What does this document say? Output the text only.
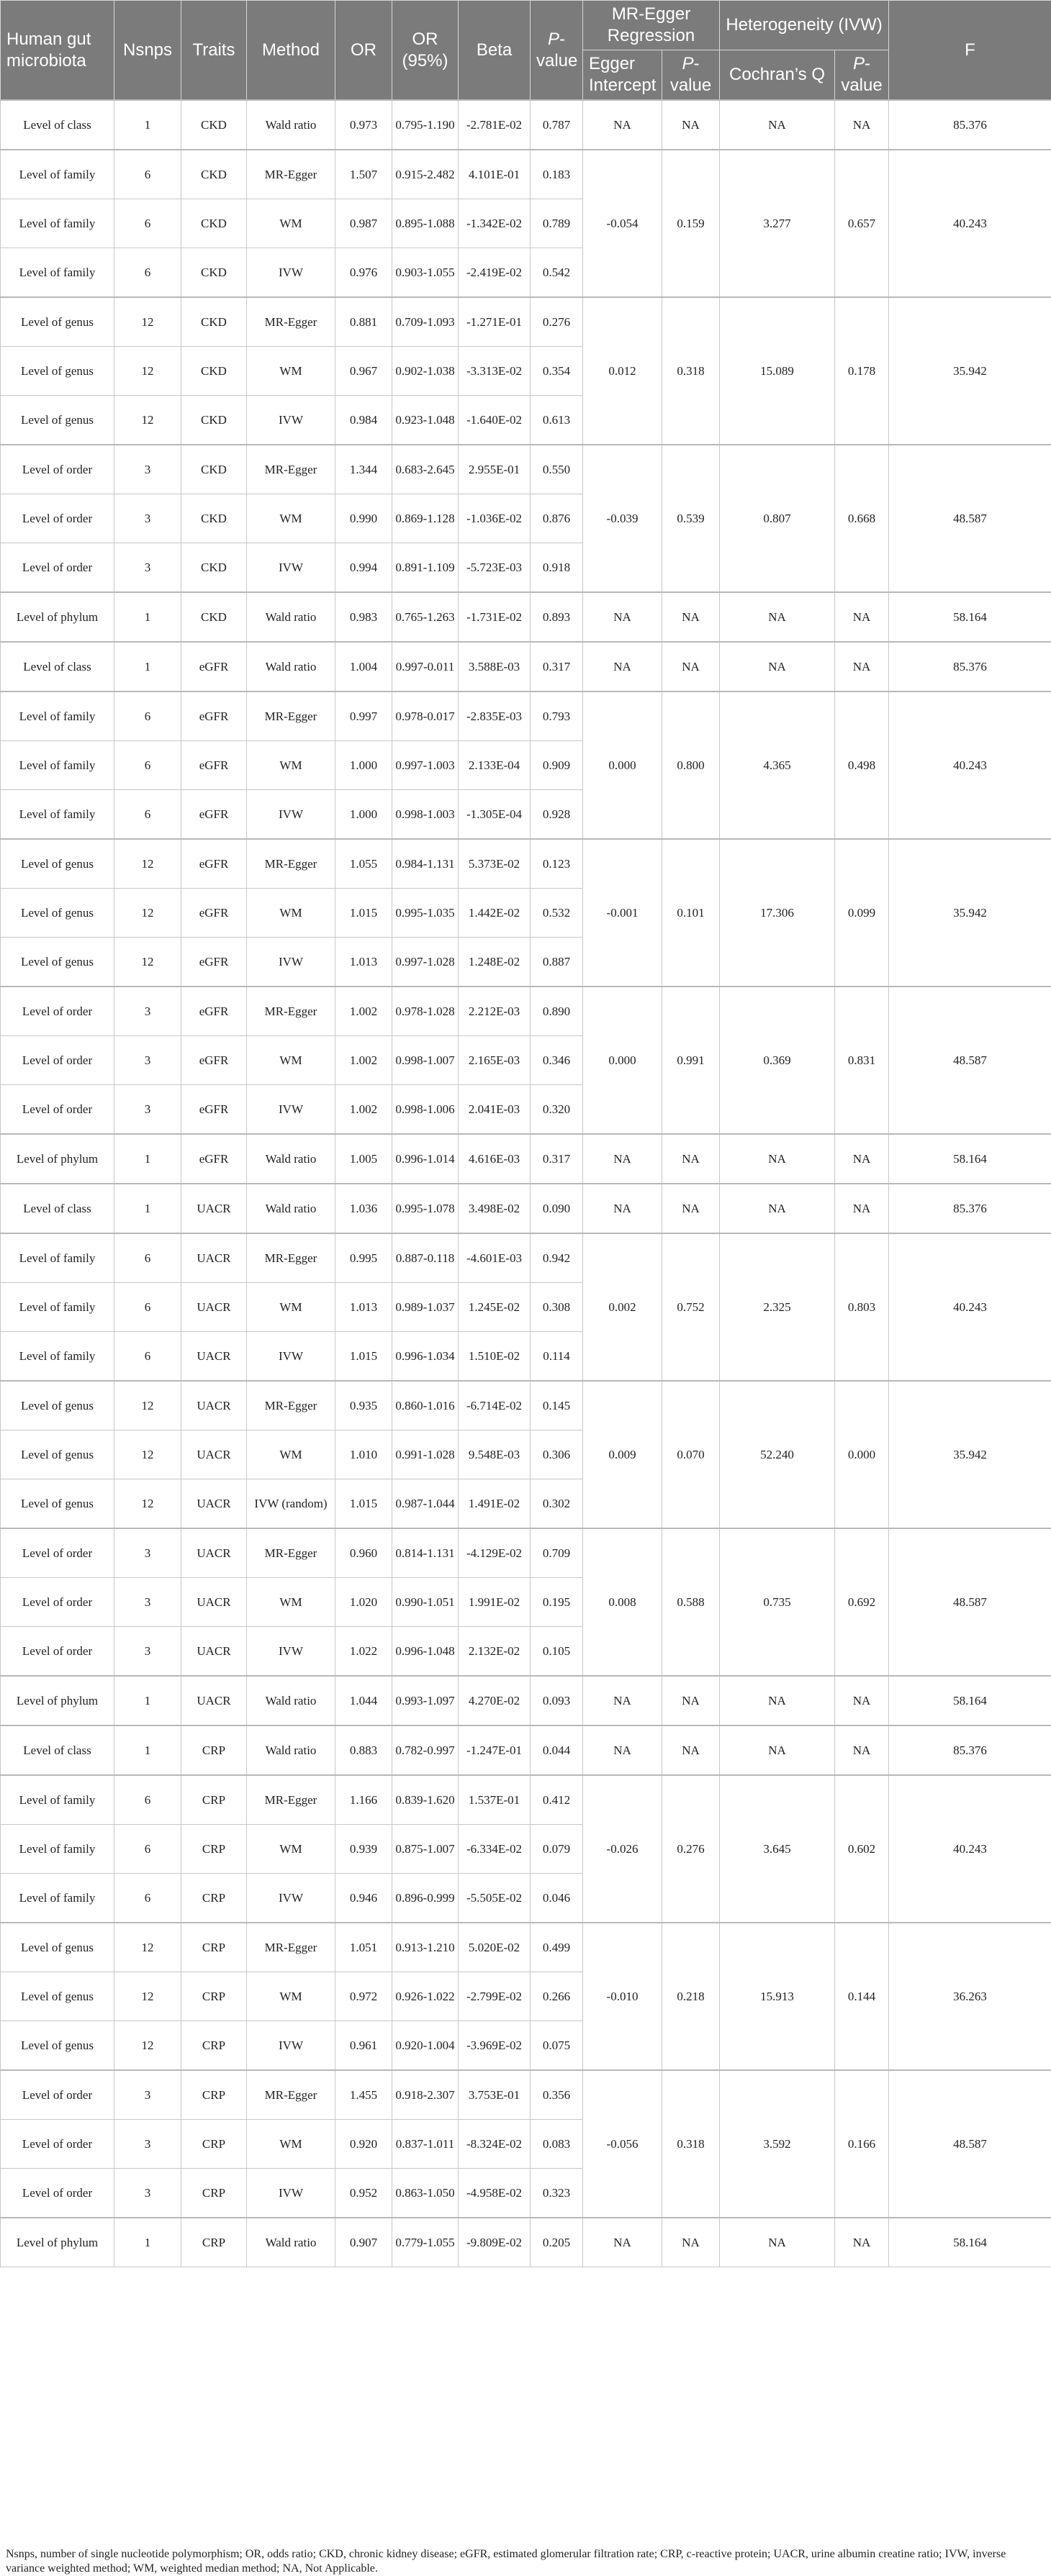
Human gut microbiota	Nsnps	Traits	Method	OR	OR (95%)	Beta	P-value	MR-Egger Regression		Heterogeneity (IVW)		F
								Egger Intercept	P-value	Cochran’s Q	P-value	
Level of class	1	CKD	Wald ratio	0.973	0.795-1.190	-2.781E-02	0.787	NA	NA	NA	NA	85.376
Level of family	6	CKD	MR-Egger	1.507	0.915-2.482	4.101E-01	0.183	-0.054	0.159	3.277	0.657	40.243
Level of family	6	CKD	WM	0.987	0.895-1.088	-1.342E-02	0.789					
Level of family	6	CKD	IVW	0.976	0.903-1.055	-2.419E-02	0.542					
Level of genus	12	CKD	MR-Egger	0.881	0.709-1.093	-1.271E-01	0.276	0.012	0.318	15.089	0.178	35.942
Level of genus	12	CKD	WM	0.967	0.902-1.038	-3.313E-02	0.354					
Level of genus	12	CKD	IVW	0.984	0.923-1.048	-1.640E-02	0.613					
Level of order	3	CKD	MR-Egger	1.344	0.683-2.645	2.955E-01	0.550	-0.039	0.539	0.807	0.668	48.587
Level of order	3	CKD	WM	0.990	0.869-1.128	-1.036E-02	0.876					
Level of order	3	CKD	IVW	0.994	0.891-1.109	-5.723E-03	0.918					
Level of phylum	1	CKD	Wald ratio	0.983	0.765-1.263	-1.731E-02	0.893	NA	NA	NA	NA	58.164
Level of class	1	eGFR	Wald ratio	1.004	0.997-0.011	3.588E-03	0.317	NA	NA	NA	NA	85.376
Level of family	6	eGFR	MR-Egger	0.997	0.978-0.017	-2.835E-03	0.793	0.000	0.800	4.365	0.498	40.243
Level of family	6	eGFR	WM	1.000	0.997-1.003	2.133E-04	0.909					
Level of family	6	eGFR	IVW	1.000	0.998-1.003	-1.305E-04	0.928					
Level of genus	12	eGFR	MR-Egger	1.055	0.984-1.131	5.373E-02	0.123	-0.001	0.101	17.306	0.099	35.942
Level of genus	12	eGFR	WM	1.015	0.995-1.035	1.442E-02	0.532					
Level of genus	12	eGFR	IVW	1.013	0.997-1.028	1.248E-02	0.887					
Level of order	3	eGFR	MR-Egger	1.002	0.978-1.028	2.212E-03	0.890	0.000	0.991	0.369	0.831	48.587
Level of order	3	eGFR	WM	1.002	0.998-1.007	2.165E-03	0.346					
Level of order	3	eGFR	IVW	1.002	0.998-1.006	2.041E-03	0.320					
Level of phylum	1	eGFR	Wald ratio	1.005	0.996-1.014	4.616E-03	0.317	NA	NA	NA	NA	58.164
Level of class	1	UACR	Wald ratio	1.036	0.995-1.078	3.498E-02	0.090	NA	NA	NA	NA	85.376
Level of family	6	UACR	MR-Egger	0.995	0.887-0.118	-4.601E-03	0.942	0.002	0.752	2.325	0.803	40.243
Level of family	6	UACR	WM	1.013	0.989-1.037	1.245E-02	0.308					
Level of family	6	UACR	IVW	1.015	0.996-1.034	1.510E-02	0.114					
Level of genus	12	UACR	MR-Egger	0.935	0.860-1.016	-6.714E-02	0.145	0.009	0.070	52.240	0.000	35.942
Level of genus	12	UACR	WM	1.010	0.991-1.028	9.548E-03	0.306					
Level of genus	12	UACR	IVW (random)	1.015	0.987-1.044	1.491E-02	0.302					
Level of order	3	UACR	MR-Egger	0.960	0.814-1.131	-4.129E-02	0.709	0.008	0.588	0.735	0.692	48.587
Level of order	3	UACR	WM	1.020	0.990-1.051	1.991E-02	0.195					
Level of order	3	UACR	IVW	1.022	0.996-1.048	2.132E-02	0.105					
Level of phylum	1	UACR	Wald ratio	1.044	0.993-1.097	4.270E-02	0.093	NA	NA	NA	NA	58.164
Level of class	1	CRP	Wald ratio	0.883	0.782-0.997	-1.247E-01	0.044	NA	NA	NA	NA	85.376
Level of family	6	CRP	MR-Egger	1.166	0.839-1.620	1.537E-01	0.412	-0.026	0.276	3.645	0.602	40.243
Level of family	6	CRP	WM	0.939	0.875-1.007	-6.334E-02	0.079					
Level of family	6	CRP	IVW	0.946	0.896-0.999	-5.505E-02	0.046					
Level of genus	12	CRP	MR-Egger	1.051	0.913-1.210	5.020E-02	0.499	-0.010	0.218	15.913	0.144	36.263
Level of genus	12	CRP	WM	0.972	0.926-1.022	-2.799E-02	0.266					
Level of genus	12	CRP	IVW	0.961	0.920-1.004	-3.969E-02	0.075					
Level of order	3	CRP	MR-Egger	1.455	0.918-2.307	3.753E-01	0.356	-0.056	0.318	3.592	0.166	48.587
Level of order	3	CRP	WM	0.920	0.837-1.011	-8.324E-02	0.083					
Level of order	3	CRP	IVW	0.952	0.863-1.050	-4.958E-02	0.323					
Level of phylum	1	CRP	Wald ratio	0.907	0.779-1.055	-9.809E-02	0.205	NA	NA	NA	NA	58.164
Nsnps, number of single nucleotide polymorphism; OR, odds ratio; CKD, chronic kidney disease; eGFR, estimated glomerular filtration rate; CRP, c-reactive protein; UACR, urine albumin creatine ratio; IVW, inverse variance weighted method; WM, weighted median method; NA, Not Applicable.
